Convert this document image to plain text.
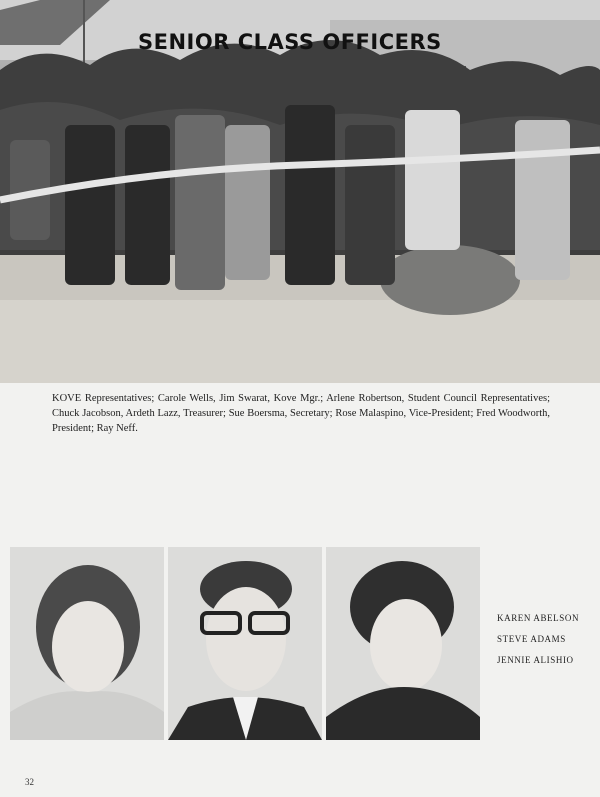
SENIOR CLASS OFFICERS
KOVE Representatives; Carole Wells, Jim Swarat, Kove Mgr.; Arlene Robertson, Student Council Representatives; Chuck Jacobson, Ardeth Lazz, Treasurer; Sue Boersma, Secretary; Rose Malaspino, Vice-President; Fred Woodworth, President; Ray Neff.
KAREN ABELSON
STEVE ADAMS
JENNIE ALISHIO
32
